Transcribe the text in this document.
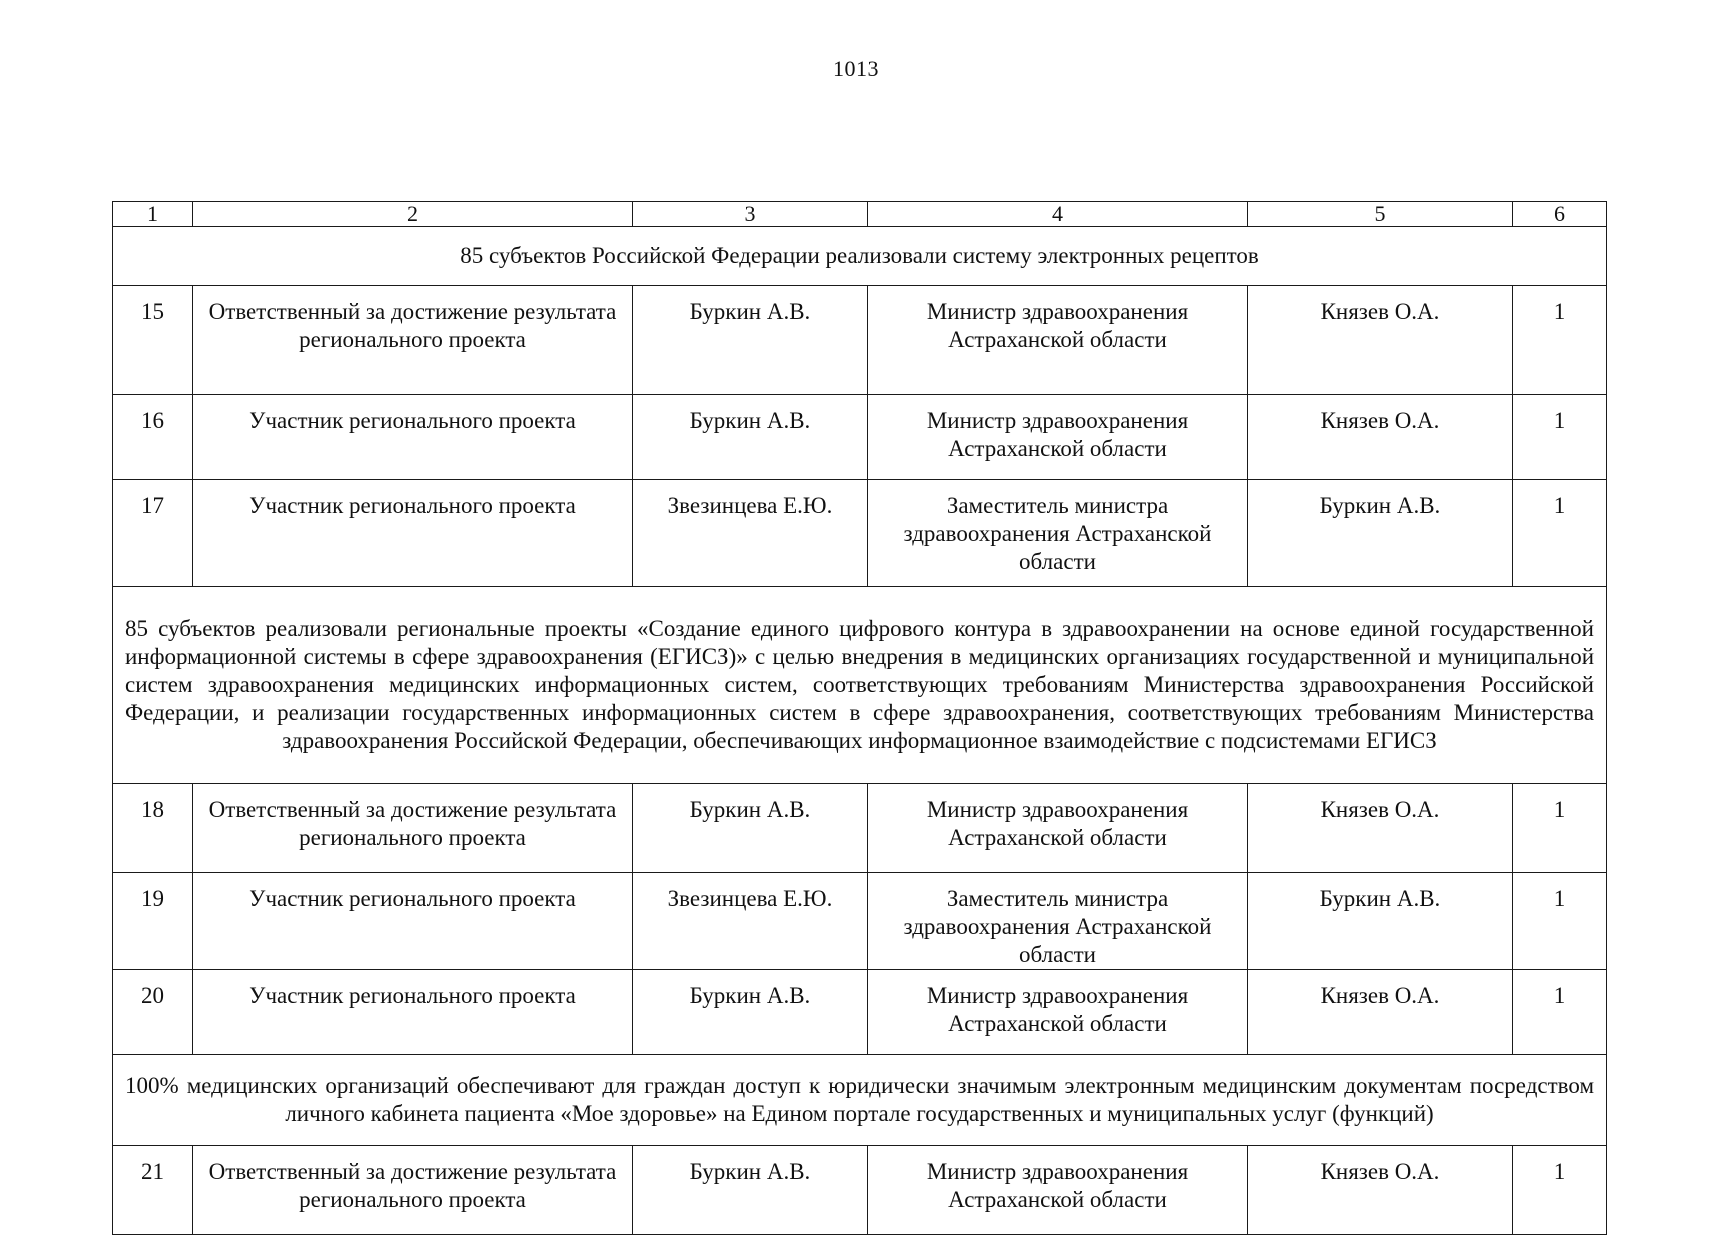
1013
1	2	3	4	5	6
85 субъектов Российской Федерации реализовали систему электронных рецептов					
15	Ответственный за достижение результата регионального проекта	Буркин А.В.	Министр здравоохранения Астраханской области	Князев О.А.	1
16	Участник регионального проекта	Буркин А.В.	Министр здравоохранения Астраханской области	Князев О.А.	1
17	Участник регионального проекта	Звезинцева Е.Ю.	Заместитель министра здравоохранения Астраханской области	Буркин А.В.	1
85 субъектов реализовали региональные проекты «Создание единого цифрового контура в здравоохранении на основе единой государственной информационной системы в сфере здравоохранения (ЕГИСЗ)» с целью внедрения в медицинских организациях государственной и муниципальной систем здравоохранения медицинских информационных систем, соответствующих требованиям Министерства здравоохранения Российской Федерации, и реализации государственных информационных систем в сфере здравоохранения, соответствующих требованиям Министерства здравоохранения Российской Федерации, обеспечивающих информационное взаимодействие с подсистемами ЕГИСЗ					
18	Ответственный за достижение результата регионального проекта	Буркин А.В.	Министр здравоохранения Астраханской области	Князев О.А.	1
19	Участник регионального проекта	Звезинцева Е.Ю.	Заместитель министра здравоохранения Астраханской области	Буркин А.В.	1
20	Участник регионального проекта	Буркин А.В.	Министр здравоохранения Астраханской области	Князев О.А.	1
100% медицинских организаций обеспечивают для граждан доступ к юридически значимым электронным медицинским документам посредством личного кабинета пациента «Мое здоровье» на Едином портале государственных и муниципальных услуг (функций)					
21	Ответственный за достижение результата регионального проекта	Буркин А.В.	Министр здравоохранения Астраханской области	Князев О.А.	1
